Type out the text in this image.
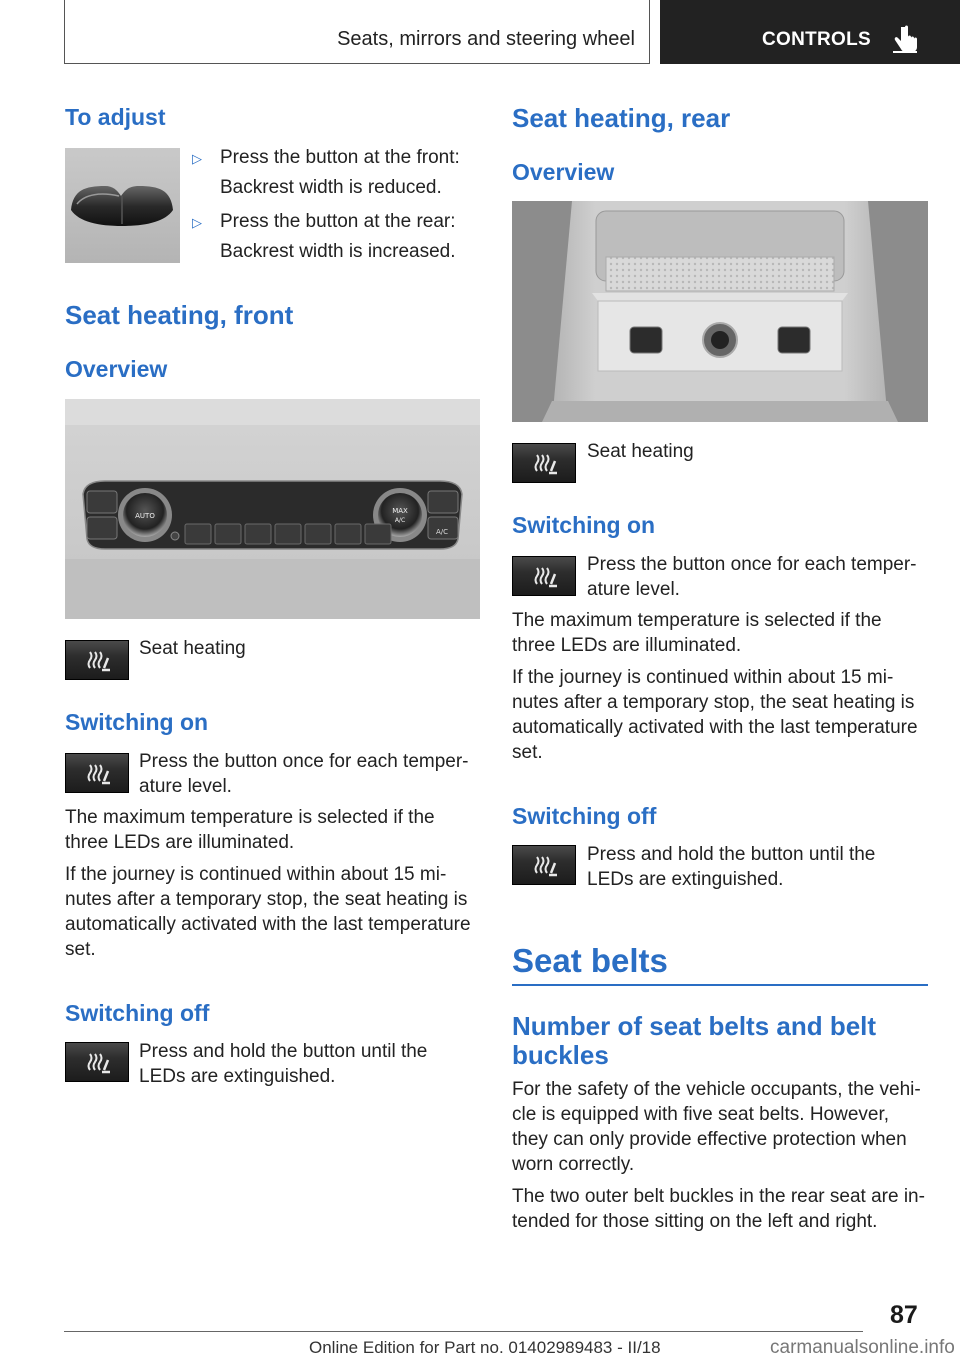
Seats, mirrors and steering wheel	CONTROLS
To adjust
▷ Press the button at the front:
Backrest width is reduced.
▷ Press the button at the rear:
Backrest width is increased.
Seat heating, front
Overview
AUTO
MAX
A/C
A/C
Seat heating
Switching on
Press the button once for each temper-
ature level.
The maximum temperature is selected if the
three LEDs are illuminated.
If the journey is continued within about 15 mi-
nutes after a temporary stop, the seat heating is
automatically activated with the last temperature
set.
Switching off
Press and hold the button until the
LEDs are extinguished.
Seat heating, rear
Overview
Seat heating
Switching on
Press the button once for each temper-
ature level.
The maximum temperature is selected if the
three LEDs are illuminated.
If the journey is continued within about 15 mi-
nutes after a temporary stop, the seat heating is
automatically activated with the last temperature
set.
Switching off
Press and hold the button until the
LEDs are extinguished.
Seat belts
Number of seat belts and belt
buckles
For the safety of the vehicle occupants, the vehi-
cle is equipped with five seat belts. However,
they can only provide effective protection when
worn correctly.
The two outer belt buckles in the rear seat are in-
tended for those sitting on the left and right.
87
Online Edition for Part no. 01402989483 - II/18	carmanualsonline.info
